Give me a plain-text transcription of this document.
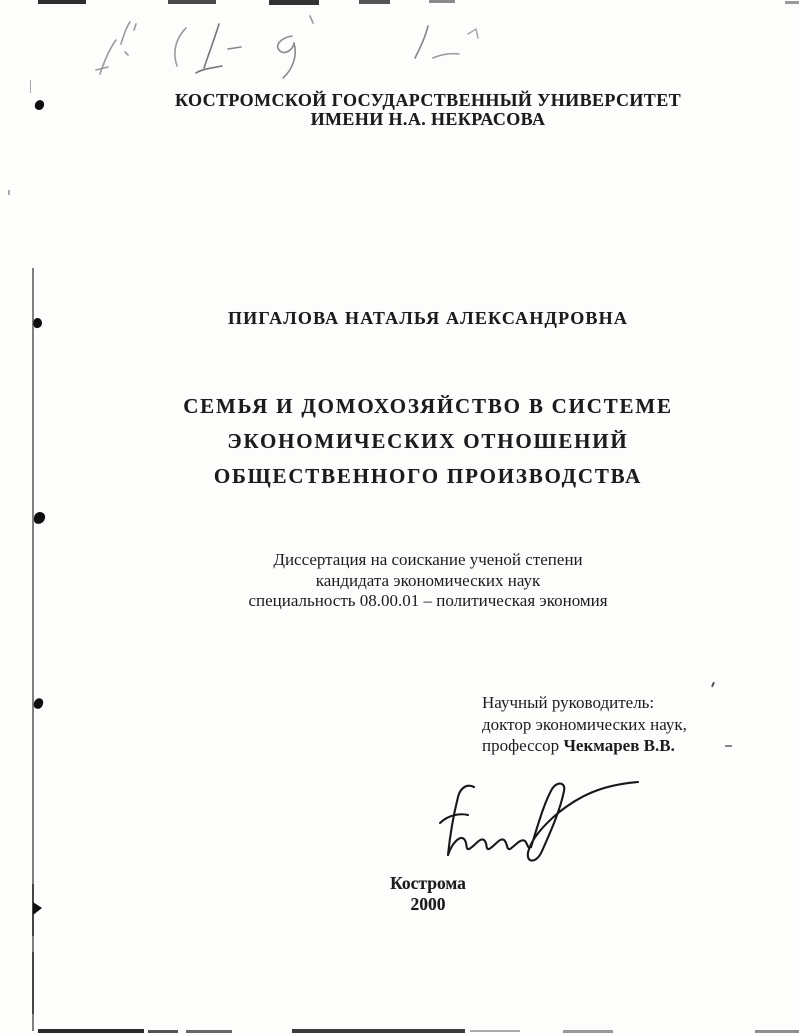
КОСТРОМСКОЙ ГОСУДАРСТВЕННЫЙ УНИВЕРСИТЕТ
ИМЕНИ Н.А. НЕКРАСОВА
ПИГАЛОВА НАТАЛЬЯ АЛЕКСАНДРОВНА
СЕМЬЯ И ДОМОХОЗЯЙСТВО В СИСТЕМЕ
ЭКОНОМИЧЕСКИХ ОТНОШЕНИЙ
ОБЩЕСТВЕННОГО ПРОИЗВОДСТВА
Диссертация на соискание ученой степени
кандидата экономических наук
специальность 08.00.01 – политическая экономия
Научный руководитель:
доктор экономических наук,
профессор Чекмарев В.В.
Кострома
2000
